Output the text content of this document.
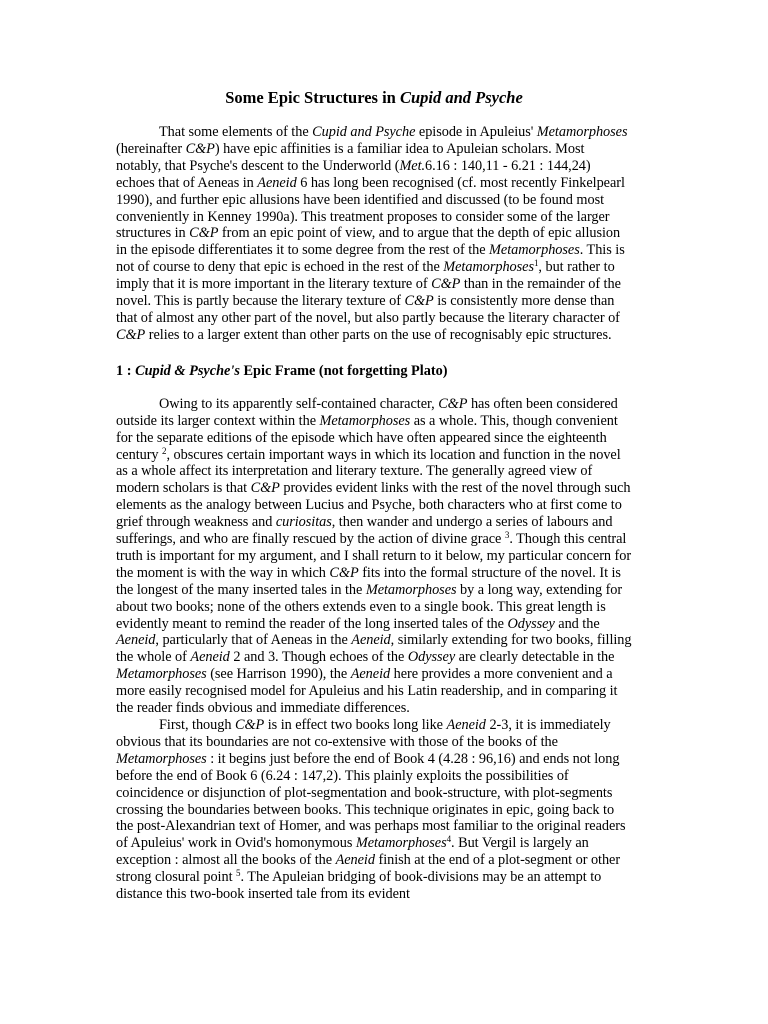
Some Epic Structures in Cupid and Psyche

That some elements of the Cupid and Psyche episode in Apuleius' Metamorphoses (hereinafter C&P) have epic affinities is a familiar idea to Apuleian scholars. Most notably, that Psyche's descent to the Underworld (Met.6.16 : 140,11 - 6.21 : 144,24) echoes that of Aeneas in Aeneid 6 has long been recognised (cf. most recently Finkelpearl 1990), and further epic allusions have been identified and discussed (to be found most conveniently in Kenney 1990a). This treatment proposes to consider some of the larger structures in C&P from an epic point of view, and to argue that the depth of epic allusion in the episode differentiates it to some degree from the rest of the Metamorphoses. This is not of course to deny that epic is echoed in the rest of the Metamorphoses$^1$, but rather to imply that it is more important in the literary texture of C&P than in the remainder of the novel. This is partly because the literary texture of C&P is consistently more dense than that of almost any other part of the novel, but also partly because the literary character of C&P relies to a larger extent than other parts on the use of recognisably epic structures.

1 : Cupid & Psyche's Epic Frame (not forgetting Plato)

Owing to its apparently self-contained character, C&P has often been considered outside its larger context within the Metamorphoses as a whole. This, though convenient for the separate editions of the episode which have often appeared since the eighteenth century $^2$, obscures certain important ways in which its location and function in the novel as a whole affect its interpretation and literary texture. The generally agreed view of modern scholars is that C&P provides evident links with the rest of the novel through such elements as the analogy between Lucius and Psyche, both characters who at first come to grief through weakness and curiositas, then wander and undergo a series of labours and sufferings, and who are finally rescued by the action of divine grace $^3$. Though this central truth is important for my argument, and I shall return to it below, my particular concern for the moment is with the way in which C&P fits into the formal structure of the novel. It is the longest of the many inserted tales in the Metamorphoses by a long way, extending for about two books; none of the others extends even to a single book. This great length is evidently meant to remind the reader of the long inserted tales of the Odyssey and the Aeneid, particularly that of Aeneas in the Aeneid, similarly extending for two books, filling the whole of Aeneid 2 and 3. Though echoes of the Odyssey are clearly detectable in the Metamorphoses (see Harrison 1990), the Aeneid here provides a more convenient and a more easily recognised model for Apuleius and his Latin readership, and in comparing it the reader finds obvious and immediate differences.

First, though C&P is in effect two books long like Aeneid 2-3, it is immediately obvious that its boundaries are not co-extensive with those of the books of the Metamorphoses : it begins just before the end of Book 4 (4.28 : 96,16) and ends not long before the end of Book 6 (6.24 : 147,2). This plainly exploits the possibilities of coincidence or disjunction of plot-segmentation and book-structure, with plot-segments crossing the boundaries between books. This technique originates in epic, going back to the post-Alexandrian text of Homer, and was perhaps most familiar to the original readers of Apuleius' work in Ovid's homonymous Metamorphoses$^4$. But Vergil is largely an exception : almost all the books of the Aeneid finish at the end of a plot-segment or other strong closural point $^5$. The Apuleian bridging of book-divisions may be an attempt to distance this two-book inserted tale from its evident
